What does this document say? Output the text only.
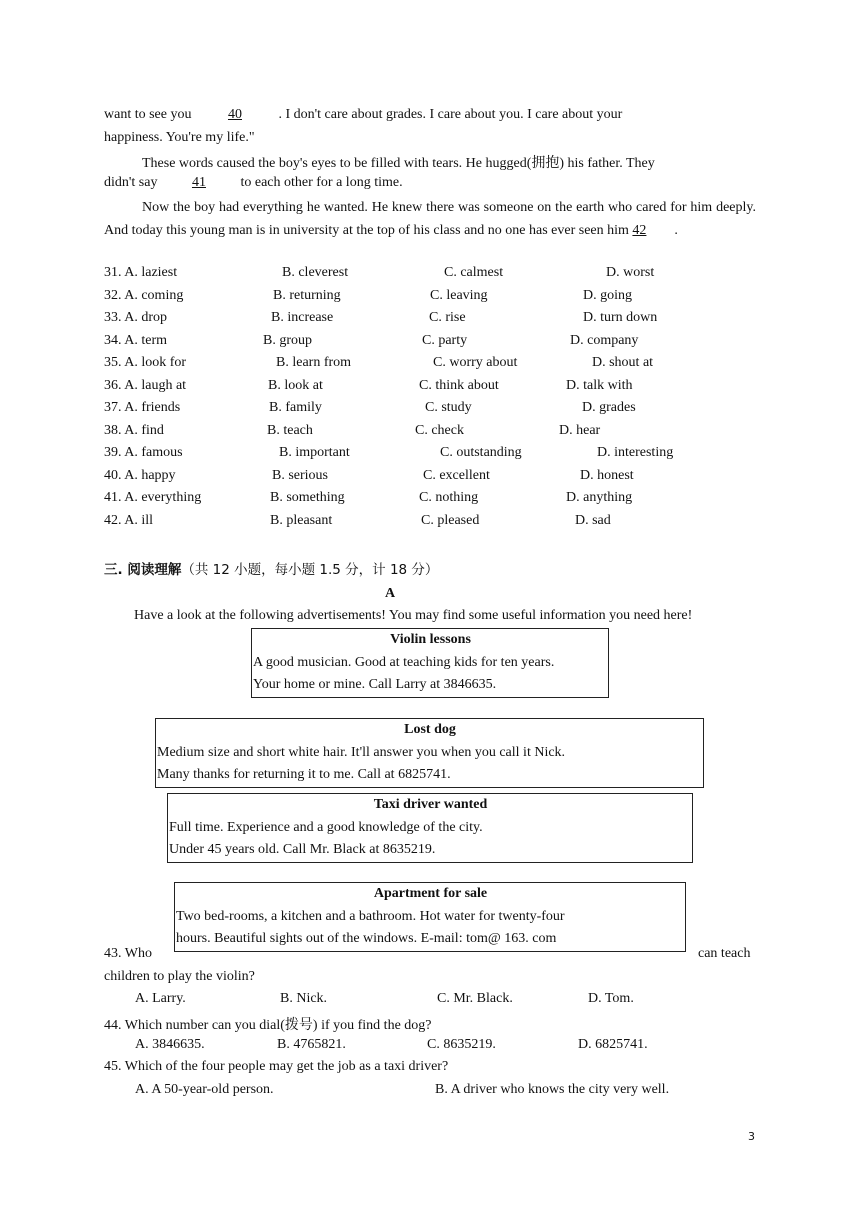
want to see you	40	. I don't care about grades. I care about you. I care about your
happiness. You're my life."
These words caused the boy's eyes to be filled with tears. He hugged(拥抱) his father. They
didn't say 41 to each other for a long time.
Now the boy had everything he wanted. He knew there was someone on the earth who cared for him deeply. And today this young man is in university at the top of his class and no one has ever seen him 42 .
31. A. laziest	B. cleverest	C. calmest	D. worst
32. A. coming	B. returning	C. leaving	D. going
33. A. drop	B. increase	C. rise	D. turn down
34. A. term	B. group	C. party	D. company
35. A. look for	B. learn from	C. worry about	D. shout at
36. A. laugh at	B. look at	C. think about	D. talk with
37. A. friends	B. family	C. study	D. grades
38. A. find	B. teach	C. check	D. hear
39. A. famous	B. important	C. outstanding	D. interesting
40. A. happy	B. serious	C. excellent	D. honest
41. A. everything	B. something	C. nothing	D. anything
42. A. ill	B. pleasant	C. pleased	D. sad
三. 阅读理解（共 12 小题，每小题 1.5 分，计 18 分）
A
Have a look at the following advertisements! You may find some useful information you need here!
Violin lessons
A good musician. Good at teaching kids for ten years.
Your home or mine. Call Larry at 3846635.
Lost dog
Medium size and short white hair. It'll answer you when you call it Nick.
Many thanks for returning it to me. Call at 6825741.
Taxi driver wanted
Full time. Experience and a good knowledge of the city.
Under 45 years old. Call Mr. Black at 8635219.
Apartment for sale
Two bed-rooms, a kitchen and a bathroom. Hot water for twenty-four
hours. Beautiful sights out of the windows. E-mail: tom@ 163. com
43. Who	can teach
children to play the violin?
A. Larry.	B. Nick.	C. Mr. Black.	D. Tom.
44. Which number can you dial(拨号) if you find the dog?
A. 3846635.	B. 4765821.	C. 8635219.	D. 6825741.
45. Which of the four people may get the job as a taxi driver?
A. A 50-year-old person.	B. A driver who knows the city very well.
3
